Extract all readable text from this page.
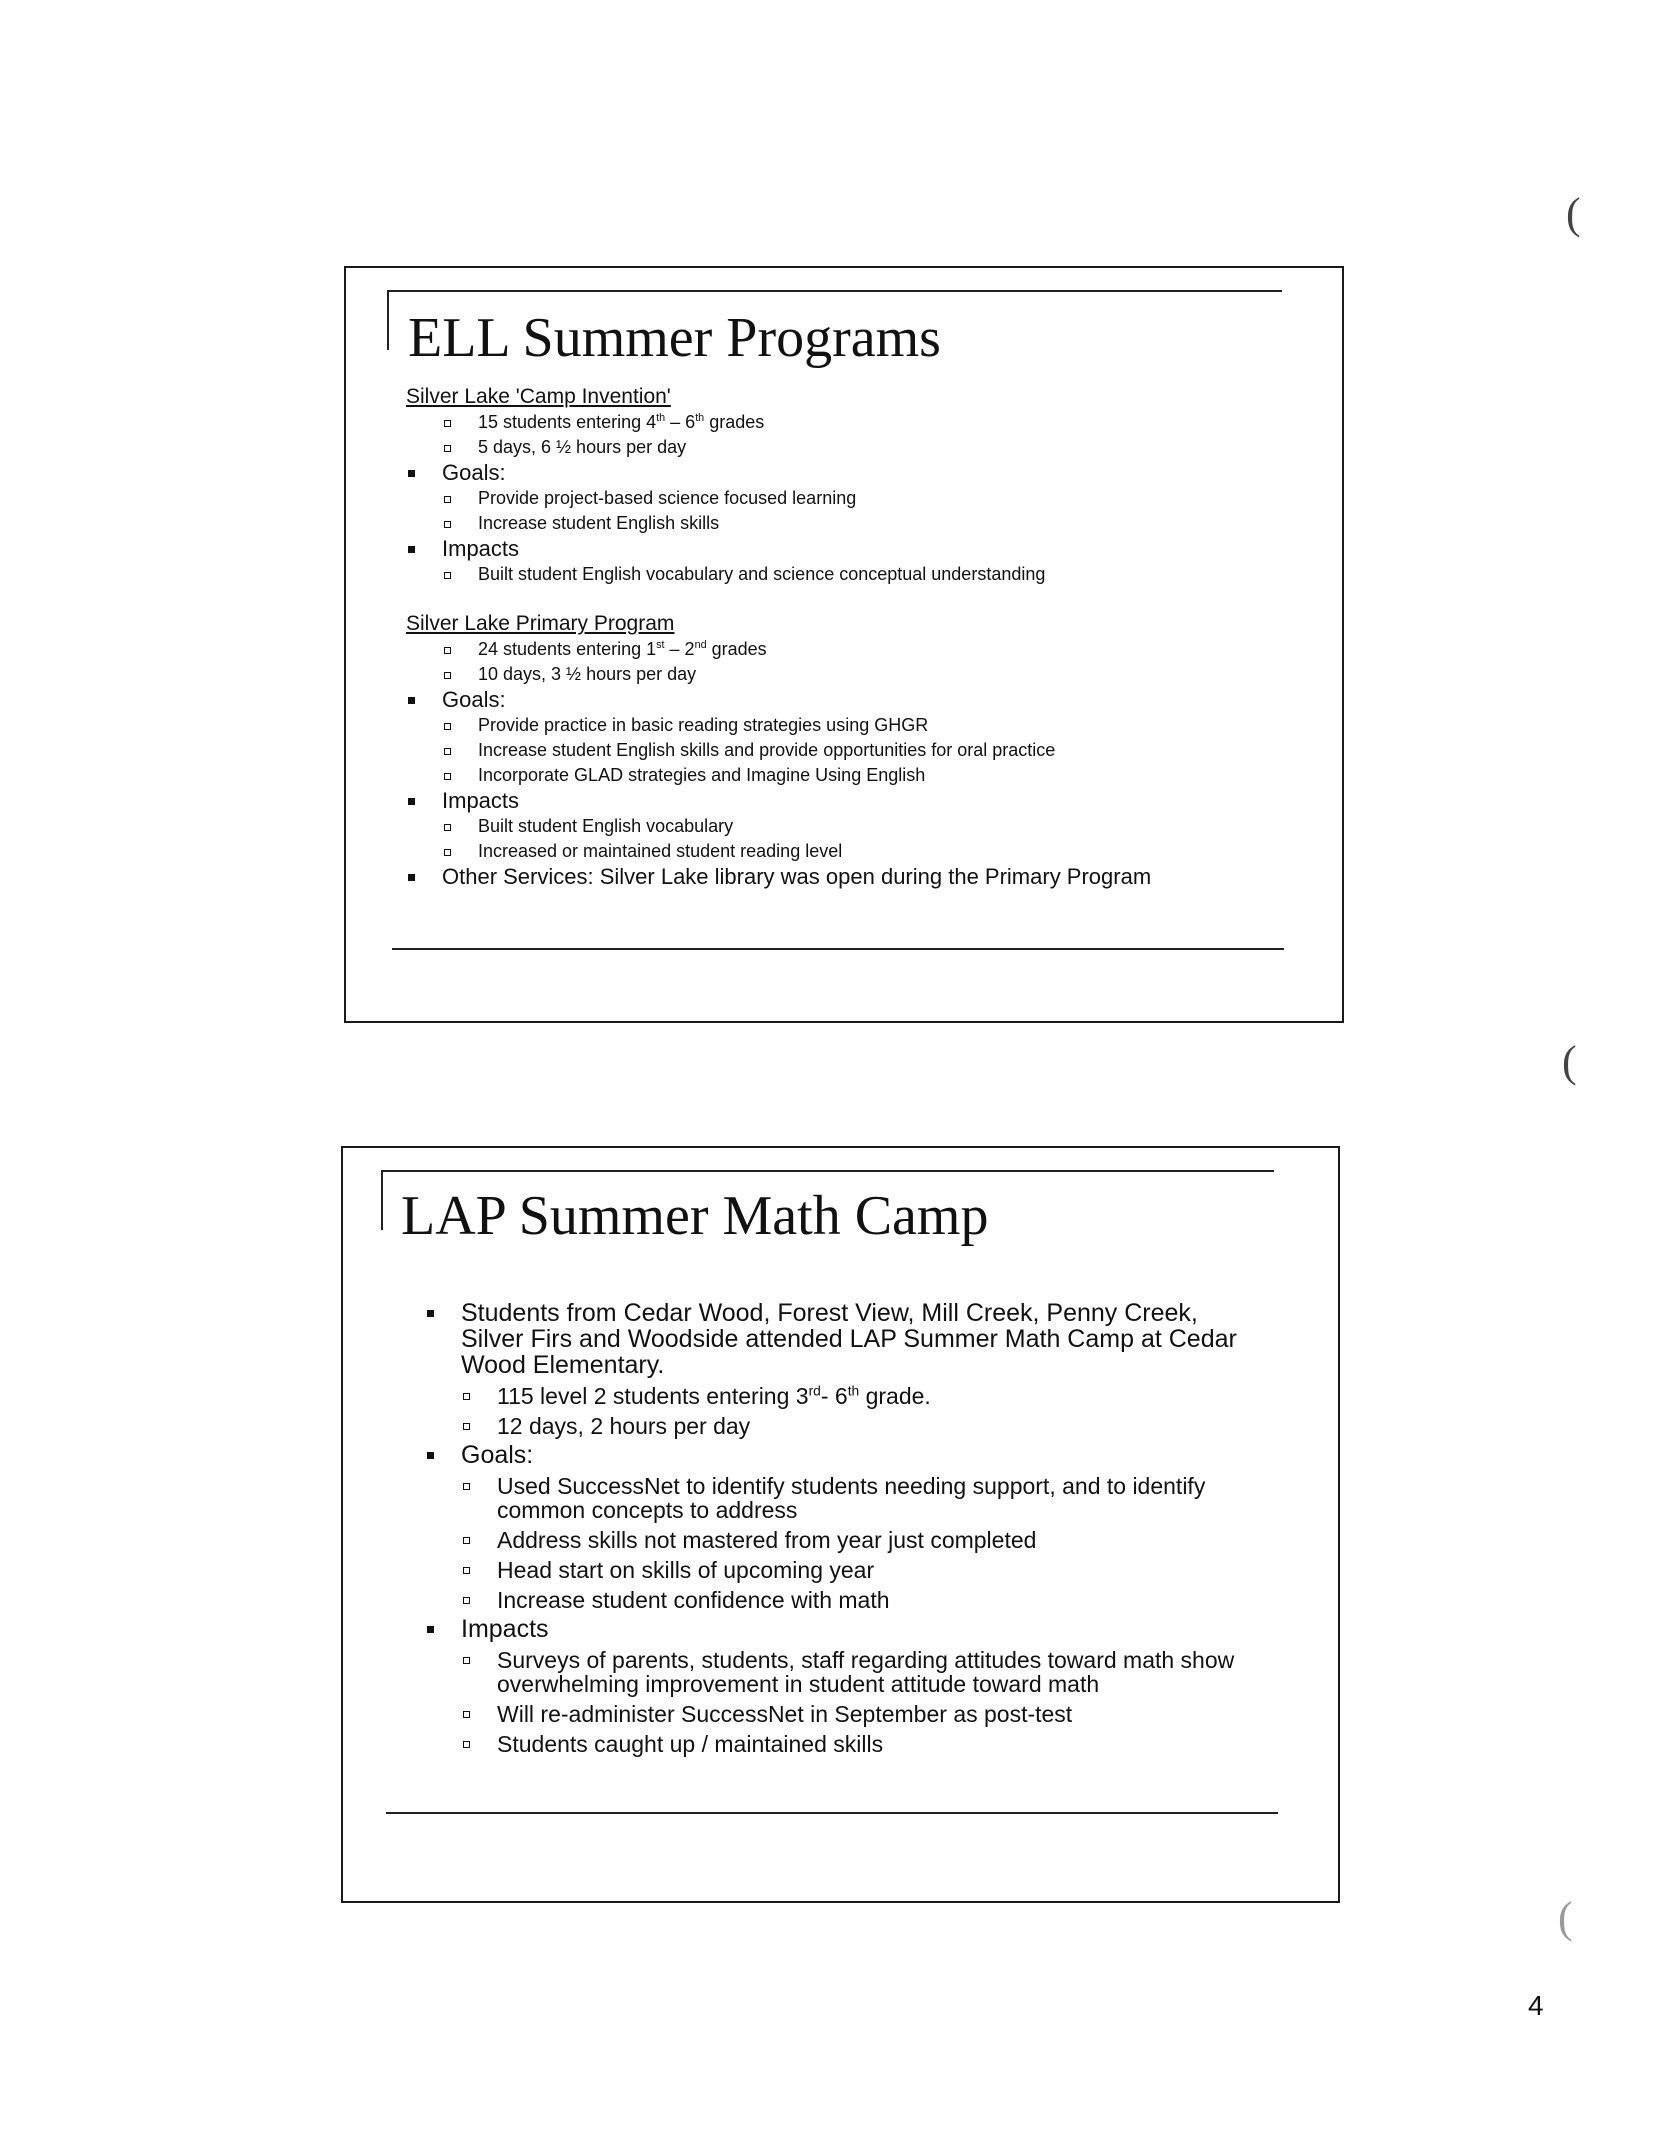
ELL Summer Programs
Silver Lake 'Camp Invention'
15 students entering 4th – 6th grades
5 days, 6 ½ hours per day
Goals:
Provide project-based science focused learning
Increase student English skills
Impacts
Built student English vocabulary and science conceptual understanding
Silver Lake Primary Program
24 students entering 1st – 2nd grades
10 days, 3 ½ hours per day
Goals:
Provide practice in basic reading strategies using GHGR
Increase student English skills and provide opportunities for oral practice
Incorporate GLAD strategies and Imagine Using English
Impacts
Built student English vocabulary
Increased or maintained student reading level
Other Services: Silver Lake library was open during the Primary Program
LAP Summer Math Camp
Students from Cedar Wood, Forest View, Mill Creek, Penny Creek, Silver Firs and Woodside attended LAP Summer Math Camp at Cedar Wood Elementary.
115 level 2 students entering 3rd- 6th grade.
12 days, 2 hours per day
Goals:
Used SuccessNet to identify students needing support, and to identify common concepts to address
Address skills not mastered from year just completed
Head start on skills of upcoming year
Increase student confidence with math
Impacts
Surveys of parents, students, staff regarding attitudes toward math show overwhelming improvement in student attitude toward math
Will re-administer SuccessNet in September as post-test
Students caught up / maintained skills
(
(
(
4
